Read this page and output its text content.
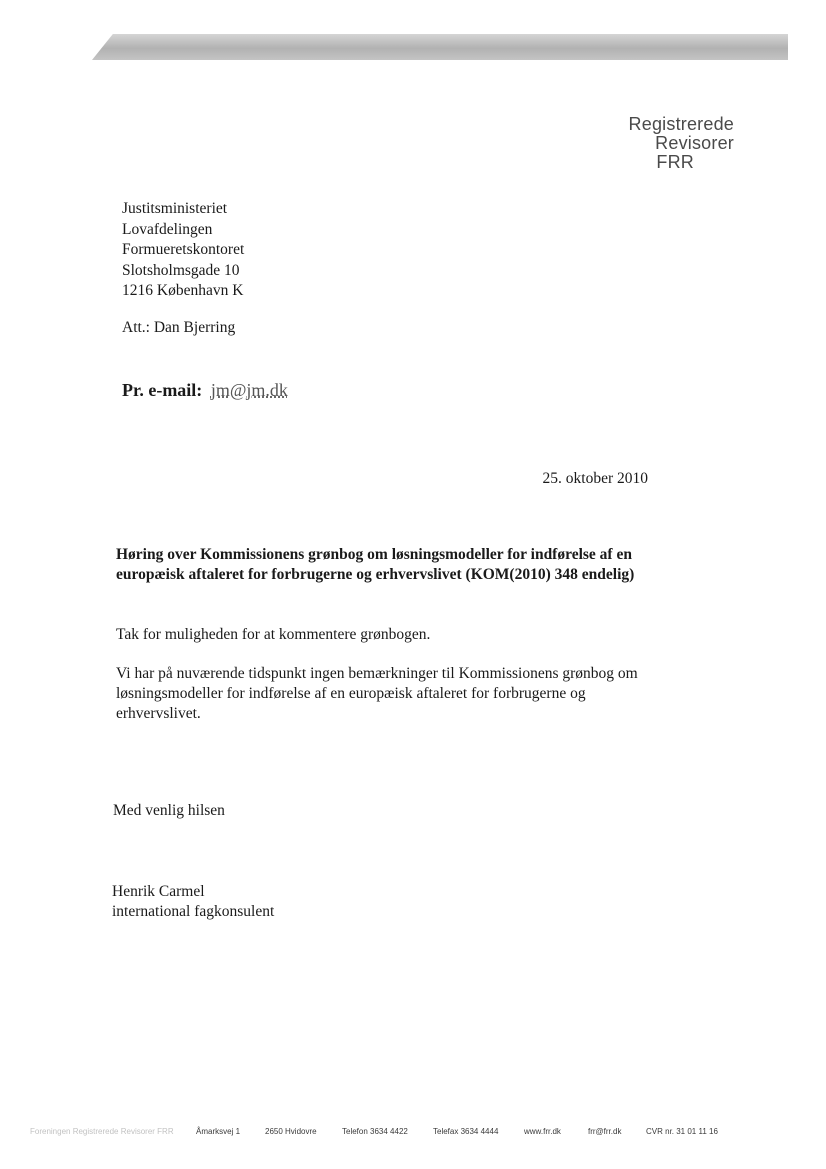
Registrerede
Revisorer
FRR
Justitsministeriet
Lovafdelingen
Formueretskontoret
Slotsholmsgade 10
1216 København K
Att.: Dan Bjerring
Pr. e-mail: jm@jm.dk
25. oktober 2010
Høring over Kommissionens grønbog om løsningsmodeller for indførelse af en europæisk aftaleret for forbrugerne og erhvervslivet (KOM(2010) 348 endelig)
Tak for muligheden for at kommentere grønbogen.
Vi har på nuværende tidspunkt ingen bemærkninger til Kommissionens grønbog om løsningsmodeller for indførelse af en europæisk aftaleret for forbrugerne og erhvervslivet.
Med venlig hilsen
Henrik Carmel
international fagkonsulent
Foreningen Registrerede Revisorer FRR	Åmarksvej 1	2650 Hvidovre	Telefon 3634 4422	Telefax 3634 4444	www.frr.dk	frr@frr.dk	CVR nr. 31 01 11 16
